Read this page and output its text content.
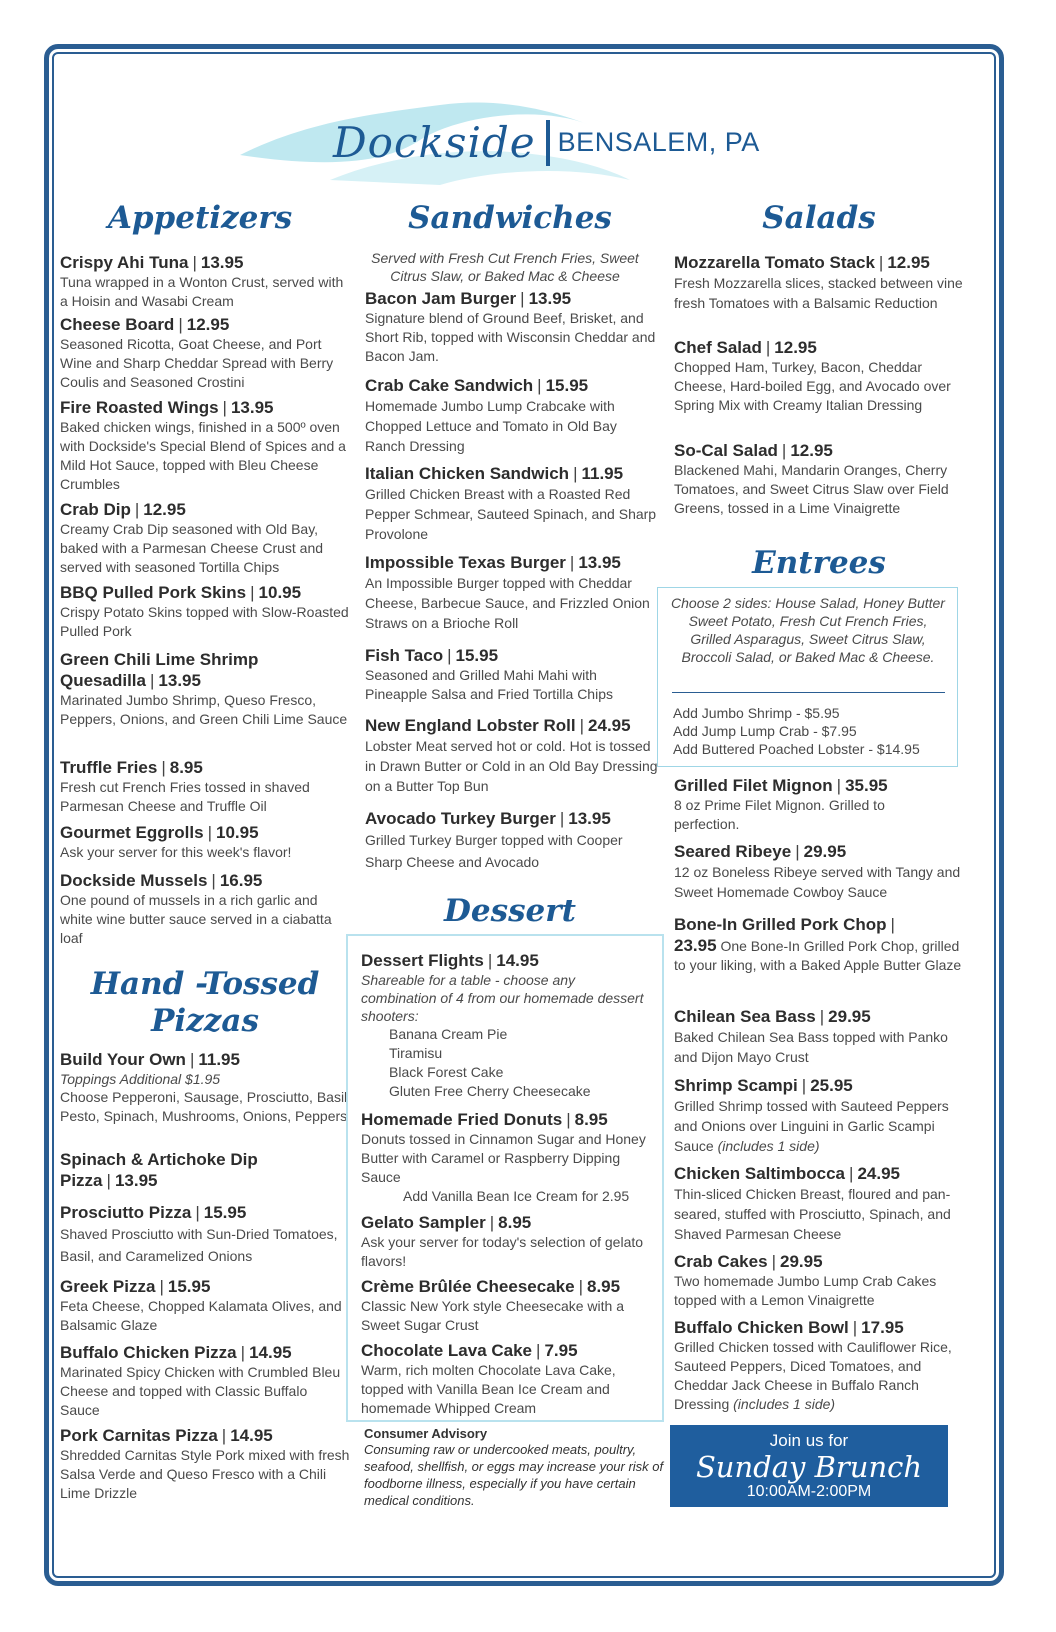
Dockside BENSALEM, PA
Appetizers
Crispy Ahi Tuna | 13.95
Tuna wrapped in a Wonton Crust, served with a Hoisin and Wasabi Cream
Cheese Board | 12.95
Seasoned Ricotta, Goat Cheese, and Port Wine and Sharp Cheddar Spread with Berry Coulis and Seasoned Crostini
Fire Roasted Wings | 13.95
Baked chicken wings, finished in a 500º oven with Dockside's Special Blend of Spices and a Mild Hot Sauce, topped with Bleu Cheese Crumbles
Crab Dip | 12.95
Creamy Crab Dip seasoned with Old Bay, baked with a Parmesan Cheese Crust and served with seasoned Tortilla Chips
BBQ Pulled Pork Skins | 10.95
Crispy Potato Skins topped with Slow-Roasted Pulled Pork
Green Chili Lime Shrimp Quesadilla | 13.95
Marinated Jumbo Shrimp, Queso Fresco, Peppers, Onions, and Green Chili Lime Sauce
Truffle Fries | 8.95
Fresh cut French Fries tossed in shaved Parmesan Cheese and Truffle Oil
Gourmet Eggrolls | 10.95
Ask your server for this week's flavor!
Dockside Mussels | 16.95
One pound of mussels in a rich garlic and white wine butter sauce served in a ciabatta loaf
Hand -Tossed
Pizzas
Build Your Own | 11.95
Toppings Additional $1.95
Choose Pepperoni, Sausage, Prosciutto, Basil Pesto, Spinach, Mushrooms, Onions, Peppers
Spinach & Artichoke Dip Pizza | 13.95
Prosciutto Pizza | 15.95
Shaved Prosciutto with Sun-Dried Tomatoes, Basil, and Caramelized Onions
Greek Pizza | 15.95
Feta Cheese, Chopped Kalamata Olives, and Balsamic Glaze
Buffalo Chicken Pizza | 14.95
Marinated Spicy Chicken with Crumbled Bleu Cheese and topped with Classic Buffalo Sauce
Pork Carnitas Pizza | 14.95
Shredded Carnitas Style Pork mixed with fresh Salsa Verde and Queso Fresco with a Chili Lime Drizzle
Sandwiches
Served with Fresh Cut French Fries, Sweet Citrus Slaw, or Baked Mac & Cheese
Bacon Jam Burger | 13.95
Signature blend of Ground Beef, Brisket, and Short Rib, topped with Wisconsin Cheddar and Bacon Jam.
Crab Cake Sandwich | 15.95
Homemade Jumbo Lump Crabcake with Chopped Lettuce and Tomato in Old Bay Ranch Dressing
Italian Chicken Sandwich | 11.95
Grilled Chicken Breast with a Roasted Red Pepper Schmear, Sauteed Spinach, and Sharp Provolone
Impossible Texas Burger | 13.95
An Impossible Burger topped with Cheddar Cheese, Barbecue Sauce, and Frizzled Onion Straws on a Brioche Roll
Fish Taco | 15.95
Seasoned and Grilled Mahi Mahi with Pineapple Salsa and Fried Tortilla Chips
New England Lobster Roll | 24.95
Lobster Meat served hot or cold. Hot is tossed in Drawn Butter or Cold in an Old Bay Dressing on a Butter Top Bun
Avocado Turkey Burger | 13.95
Grilled Turkey Burger topped with Cooper Sharp Cheese and Avocado
Dessert
Dessert Flights | 14.95
Shareable for a table - choose any combination of 4 from our homemade dessert shooters:
Banana Cream Pie
Tiramisu
Black Forest Cake
Gluten Free Cherry Cheesecake
Homemade Fried Donuts | 8.95
Donuts tossed in Cinnamon Sugar and Honey Butter with Caramel or Raspberry Dipping Sauce
Add Vanilla Bean Ice Cream for 2.95
Gelato Sampler | 8.95
Ask your server for today's selection of gelato flavors!
Crème Brûlée Cheesecake | 8.95
Classic New York style Cheesecake with a Sweet Sugar Crust
Chocolate Lava Cake | 7.95
Warm, rich molten Chocolate Lava Cake, topped with Vanilla Bean Ice Cream and homemade Whipped Cream
Consumer Advisory
Consuming raw or undercooked meats, poultry, seafood, shellfish, or eggs may increase your risk of foodborne illness, especially if you have certain medical conditions.
Salads
Mozzarella Tomato Stack | 12.95
Fresh Mozzarella slices, stacked between vine fresh Tomatoes with a Balsamic Reduction
Chef Salad | 12.95
Chopped Ham, Turkey, Bacon, Cheddar Cheese, Hard-boiled Egg, and Avocado over Spring Mix with Creamy Italian Dressing
So-Cal Salad | 12.95
Blackened Mahi, Mandarin Oranges, Cherry Tomatoes, and Sweet Citrus Slaw over Field Greens, tossed in a Lime Vinaigrette
Entrees
Choose 2 sides: House Salad, Honey Butter Sweet Potato, Fresh Cut French Fries, Grilled Asparagus, Sweet Citrus Slaw, Broccoli Salad, or Baked Mac & Cheese.
Add Jumbo Shrimp - $5.95
Add Jump Lump Crab - $7.95
Add Buttered Poached Lobster - $14.95
Grilled Filet Mignon | 35.95
8 oz Prime Filet Mignon. Grilled to perfection.
Seared Ribeye | 29.95
12 oz Boneless Ribeye served with Tangy and Sweet Homemade Cowboy Sauce
Bone-In Grilled Pork Chop |
23.95 One Bone-In Grilled Pork Chop, grilled to your liking, with a Baked Apple Butter Glaze
Chilean Sea Bass | 29.95
Baked Chilean Sea Bass topped with Panko and Dijon Mayo Crust
Shrimp Scampi | 25.95
Grilled Shrimp tossed with Sauteed Peppers and Onions over Linguini in Garlic Scampi Sauce (includes 1 side)
Chicken Saltimbocca | 24.95
Thin-sliced Chicken Breast, floured and pan-seared, stuffed with Prosciutto, Spinach, and Shaved Parmesan Cheese
Crab Cakes | 29.95
Two homemade Jumbo Lump Crab Cakes topped with a Lemon Vinaigrette
Buffalo Chicken Bowl | 17.95
Grilled Chicken tossed with Cauliflower Rice, Sauteed Peppers, Diced Tomatoes, and Cheddar Jack Cheese in Buffalo Ranch Dressing (includes 1 side)
Join us for
Sunday Brunch
10:00AM-2:00PM
